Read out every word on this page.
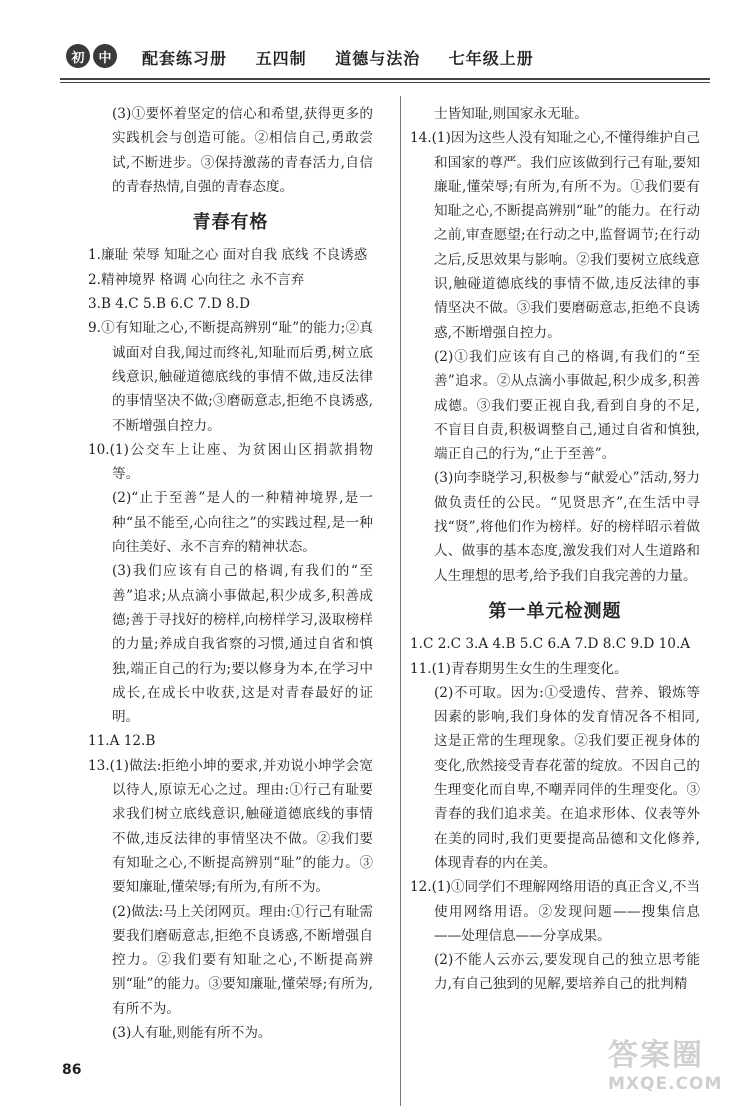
初	中	配套练习册 五四制 道德与法治 七年级上册

(3)①要怀着坚定的信心和希望,获得更多的实践机会与创造可能。②相信自己,勇敢尝试,不断进步。③保持激荡的青春活力,自信的青春热情,自强的青春态度。

青春有格

1.廉耻 荣辱 知耻之心 面对自我 底线 不良诱惑

2.精神境界 格调 心向往之 永不言弃

3.B 4.C 5.B 6.C 7.D 8.D

9.①有知耻之心,不断提高辨别“耻”的能力;②真诚面对自我,闻过而终礼,知耻而后勇,树立底线意识,触碰道德底线的事情不做,违反法律的事情坚决不做;③磨砺意志,拒绝不良诱惑,不断增强自控力。

10.(1)公交车上让座、为贫困山区捐款捐物等。

(2)“止于至善”是人的一种精神境界,是一种“虽不能至,心向往之”的实践过程,是一种向往美好、永不言弃的精神状态。

(3)我们应该有自己的格调,有我们的“至善”追求;从点滴小事做起,积少成多,积善成德;善于寻找好的榜样,向榜样学习,汲取榜样的力量;养成自我省察的习惯,通过自省和慎独,端正自己的行为;要以修身为本,在学习中成长,在成长中收获,这是对青春最好的证明。

11.A 12.B

13.(1)做法:拒绝小坤的要求,并劝说小坤学会宽以待人,原谅无心之过。理由:①行己有耻要求我们树立底线意识,触碰道德底线的事情不做,违反法律的事情坚决不做。②我们要有知耻之心,不断提高辨别“耻”的能力。③要知廉耻,懂荣辱;有所为,有所不为。

(2)做法:马上关闭网页。理由:①行己有耻需要我们磨砺意志,拒绝不良诱惑,不断增强自控力。②我们要有知耻之心,不断提高辨别“耻”的能力。③要知廉耻,懂荣辱;有所为,有所不为。

(3)人有耻,则能有所不为。

士皆知耻,则国家永无耻。

14.(1)因为这些人没有知耻之心,不懂得维护自己和国家的尊严。我们应该做到行己有耻,要知廉耻,懂荣辱;有所为,有所不为。①我们要有知耻之心,不断提高辨别“耻”的能力。在行动之前,审查愿望;在行动之中,监督调节;在行动之后,反思效果与影响。②我们要树立底线意识,触碰道德底线的事情不做,违反法律的事情坚决不做。③我们要磨砺意志,拒绝不良诱惑,不断增强自控力。

(2)①我们应该有自己的格调,有我们的“至善”追求。②从点滴小事做起,积少成多,积善成德。③我们要正视自我,看到自身的不足,不盲目自责,积极调整自己,通过自省和慎独,端正自己的行为,“止于至善”。

(3)向李晓学习,积极参与“献爱心”活动,努力做负责任的公民。“见贤思齐”,在生活中寻找“贤”,将他们作为榜样。好的榜样昭示着做人、做事的基本态度,激发我们对人生道路和人生理想的思考,给予我们自我完善的力量。

第一单元检测题

1.C 2.C 3.A 4.B 5.C 6.A 7.D 8.C 9.D 10.A

11.(1)青春期男生女生的生理变化。

(2)不可取。因为:①受遗传、营养、锻炼等因素的影响,我们身体的发育情况各不相同,这是正常的生理现象。②我们要正视身体的变化,欣然接受青春花蕾的绽放。不因自己的生理变化而自卑,不嘲弄同伴的生理变化。③青春的我们追求美。在追求形体、仪表等外在美的同时,我们更要提高品德和文化修养,体现青春的内在美。

12.(1)①同学们不理解网络用语的真正含义,不当使用网络用语。②发现问题——搜集信息——处理信息——分享成果。

(2)不能人云亦云,要发现自己的独立思考能力,有自己独到的见解,要培养自己的批判精

86	答案圈
MXQE.COM
